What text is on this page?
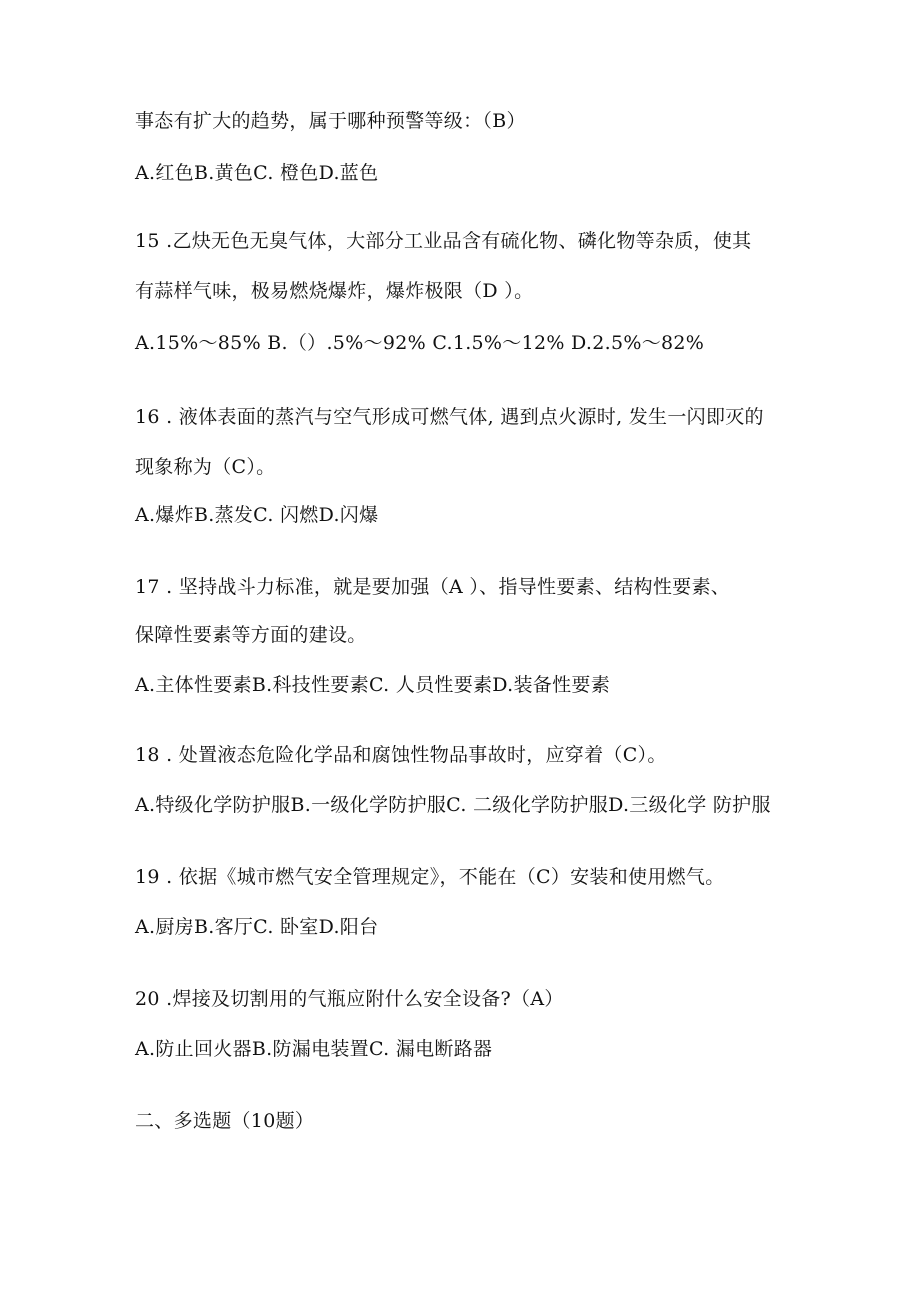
事态有扩大的趋势，属于哪种预警等级：（B）
A.红色B.黄色C. 橙色D.蓝色
15 .乙炔无色无臭气体，大部分工业品含有硫化物、磷化物等杂质，使其
有蒜样气味，极易燃烧爆炸，爆炸极限（D ）。
A.15%～85% B.（）.5%～92% C.1.5%～12% D.2.5%～82%
16 . 液体表面的蒸汽与空气形成可燃气体, 遇到点火源时, 发生一闪即灭的
现象称为（C）。
A.爆炸B.蒸发C. 闪燃D.闪爆
17 . 坚持战斗力标准，就是要加强（A ）、指导性要素、结构性要素、
保障性要素等方面的建设。
A.主体性要素B.科技性要素C. 人员性要素D.装备性要素
18 . 处置液态危险化学品和腐蚀性物品事故时，应穿着（C）。
A.特级化学防护服B.一级化学防护服C. 二级化学防护服D.三级化学 防护服
19 . 依据《城市燃气安全管理规定》，不能在（C）安装和使用燃气。
A.厨房B.客厅C. 卧室D.阳台
20 .焊接及切割用的气瓶应附什么安全设备?（A）
A.防止回火器B.防漏电装置C. 漏电断路器
二、多选题（10题）
